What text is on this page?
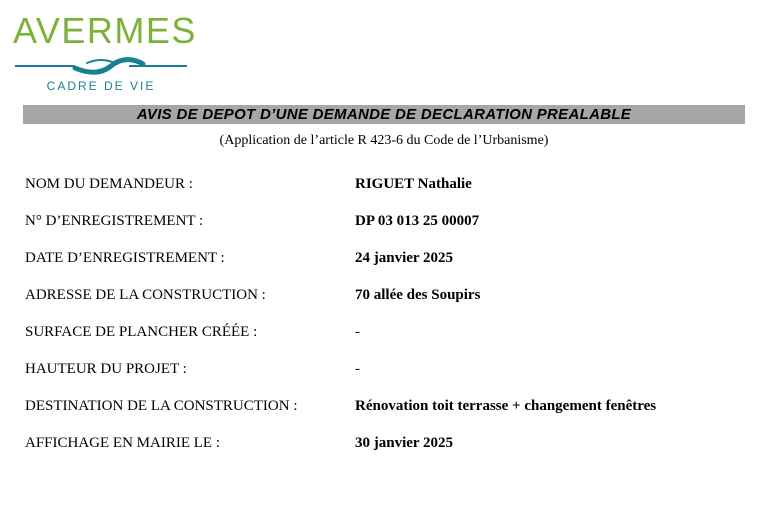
AVERMES
CADRE DE VIE
AVIS DE DEPOT D’UNE DEMANDE DE DECLARATION PREALABLE
(Application de l’article R 423-6 du Code de l’Urbanisme)
NOM DU DEMANDEUR :	RIGUET Nathalie
N° D’ENREGISTREMENT :	DP 03 013 25 00007
DATE D’ENREGISTREMENT :	24 janvier 2025
ADRESSE DE LA CONSTRUCTION :	70 allée des Soupirs
SURFACE DE PLANCHER CRÉÉE :	-
HAUTEUR DU PROJET :	-
DESTINATION DE LA CONSTRUCTION :	Rénovation toit terrasse + changement fenêtres
AFFICHAGE EN MAIRIE LE :	30 janvier 2025
